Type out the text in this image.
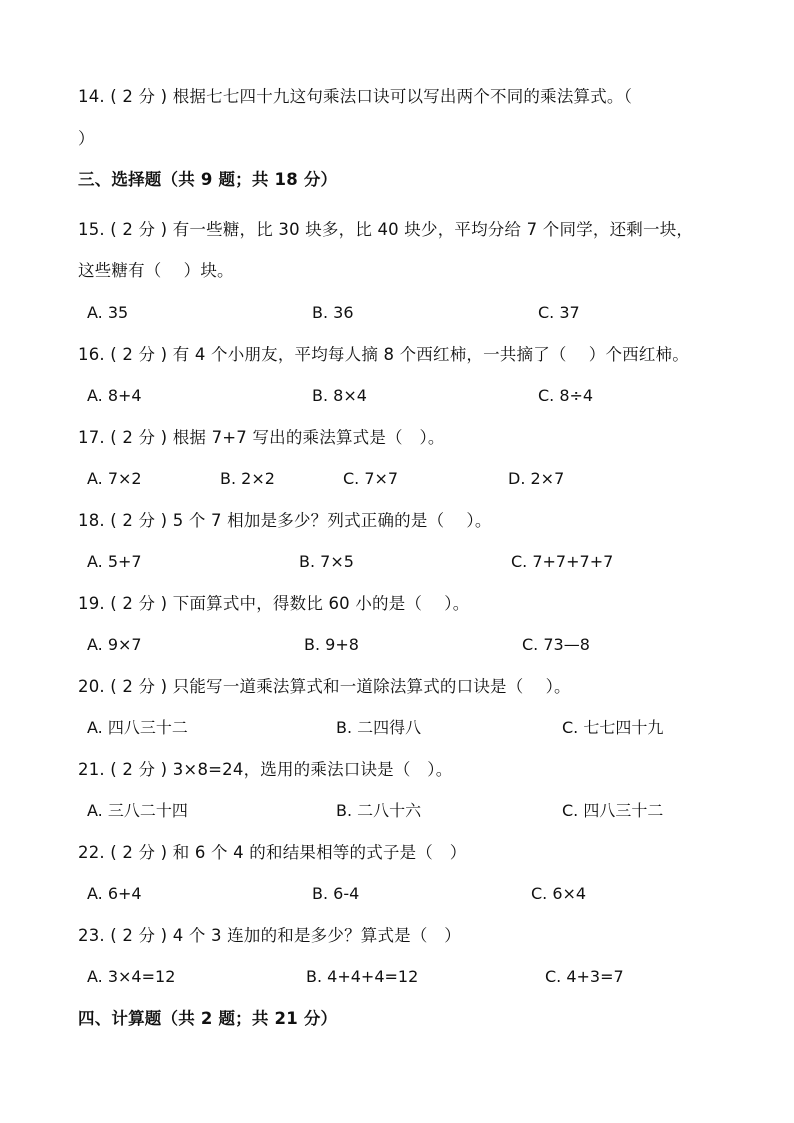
14. ( 2 分 ) 根据七七四十九这句乘法口诀可以写出两个不同的乘法算式。（
）
三、选择题（共 9 题；共 18 分）
15. ( 2 分 ) 有一些糖，比 30 块多，比 40 块少，平均分给 7 个同学，还剩一块，
这些糖有（　 ）块。
A. 35	B. 36	C. 37
16. ( 2 分 ) 有 4 个小朋友，平均每人摘 8 个西红柿，一共摘了（　 ）个西红柿。
A. 8+4	B. 8×4	C. 8÷4
17. ( 2 分 ) 根据 7+7 写出的乘法算式是（　）。
A. 7×2	B. 2×2	C. 7×7	D. 2×7
18. ( 2 分 ) 5 个 7 相加是多少？列式正确的是（　 ）。
A. 5+7	B. 7×5	C. 7+7+7+7
19. ( 2 分 ) 下面算式中，得数比 60 小的是（　 ）。
A. 9×7	B. 9+8	C. 73—8
20. ( 2 分 ) 只能写一道乘法算式和一道除法算式的口诀是（　 ）。
A. 四八三十二	B. 二四得八	C. 七七四十九
21. ( 2 分 ) 3×8=24，选用的乘法口诀是（　）。
A. 三八二十四	B. 二八十六	C. 四八三十二
22. ( 2 分 ) 和 6 个 4 的和结果相等的式子是（　）
A. 6+4	B. 6-4	C. 6×4
23. ( 2 分 ) 4 个 3 连加的和是多少？算式是（　）
A. 3×4=12	B. 4+4+4=12	C. 4+3=7
四、计算题（共 2 题；共 21 分）
